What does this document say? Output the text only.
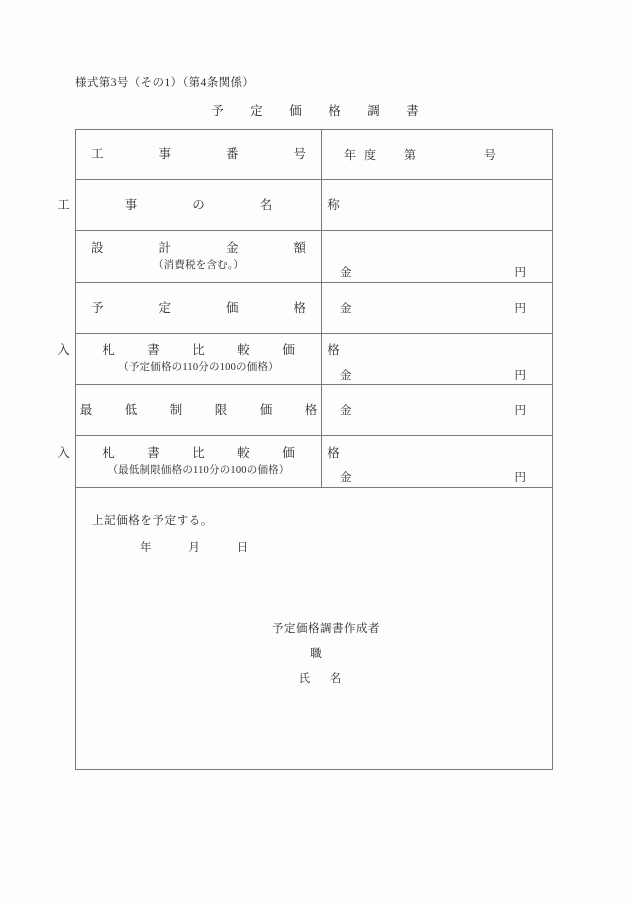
様式第3号（その1）（第4条関係）
予　定　価　格　調　書
工　　事　　番　　号 年度　第　　　号
工　　事　　の　　名　　称
設　　計　　金　　額
（消費税を含む。）
金	円
予　　定　　価　　格 金	円
入　札　書　比　較　価　格
（予定価格の110分の100の価格）
金	円
最　低　制　限　価　格 金	円
入　札　書　比　較　価　格
（最低制限価格の110分の100の価格）
金	円
上記価格を予定する。
年　　　月　　　日
予定価格調書作成者
職
氏　名
